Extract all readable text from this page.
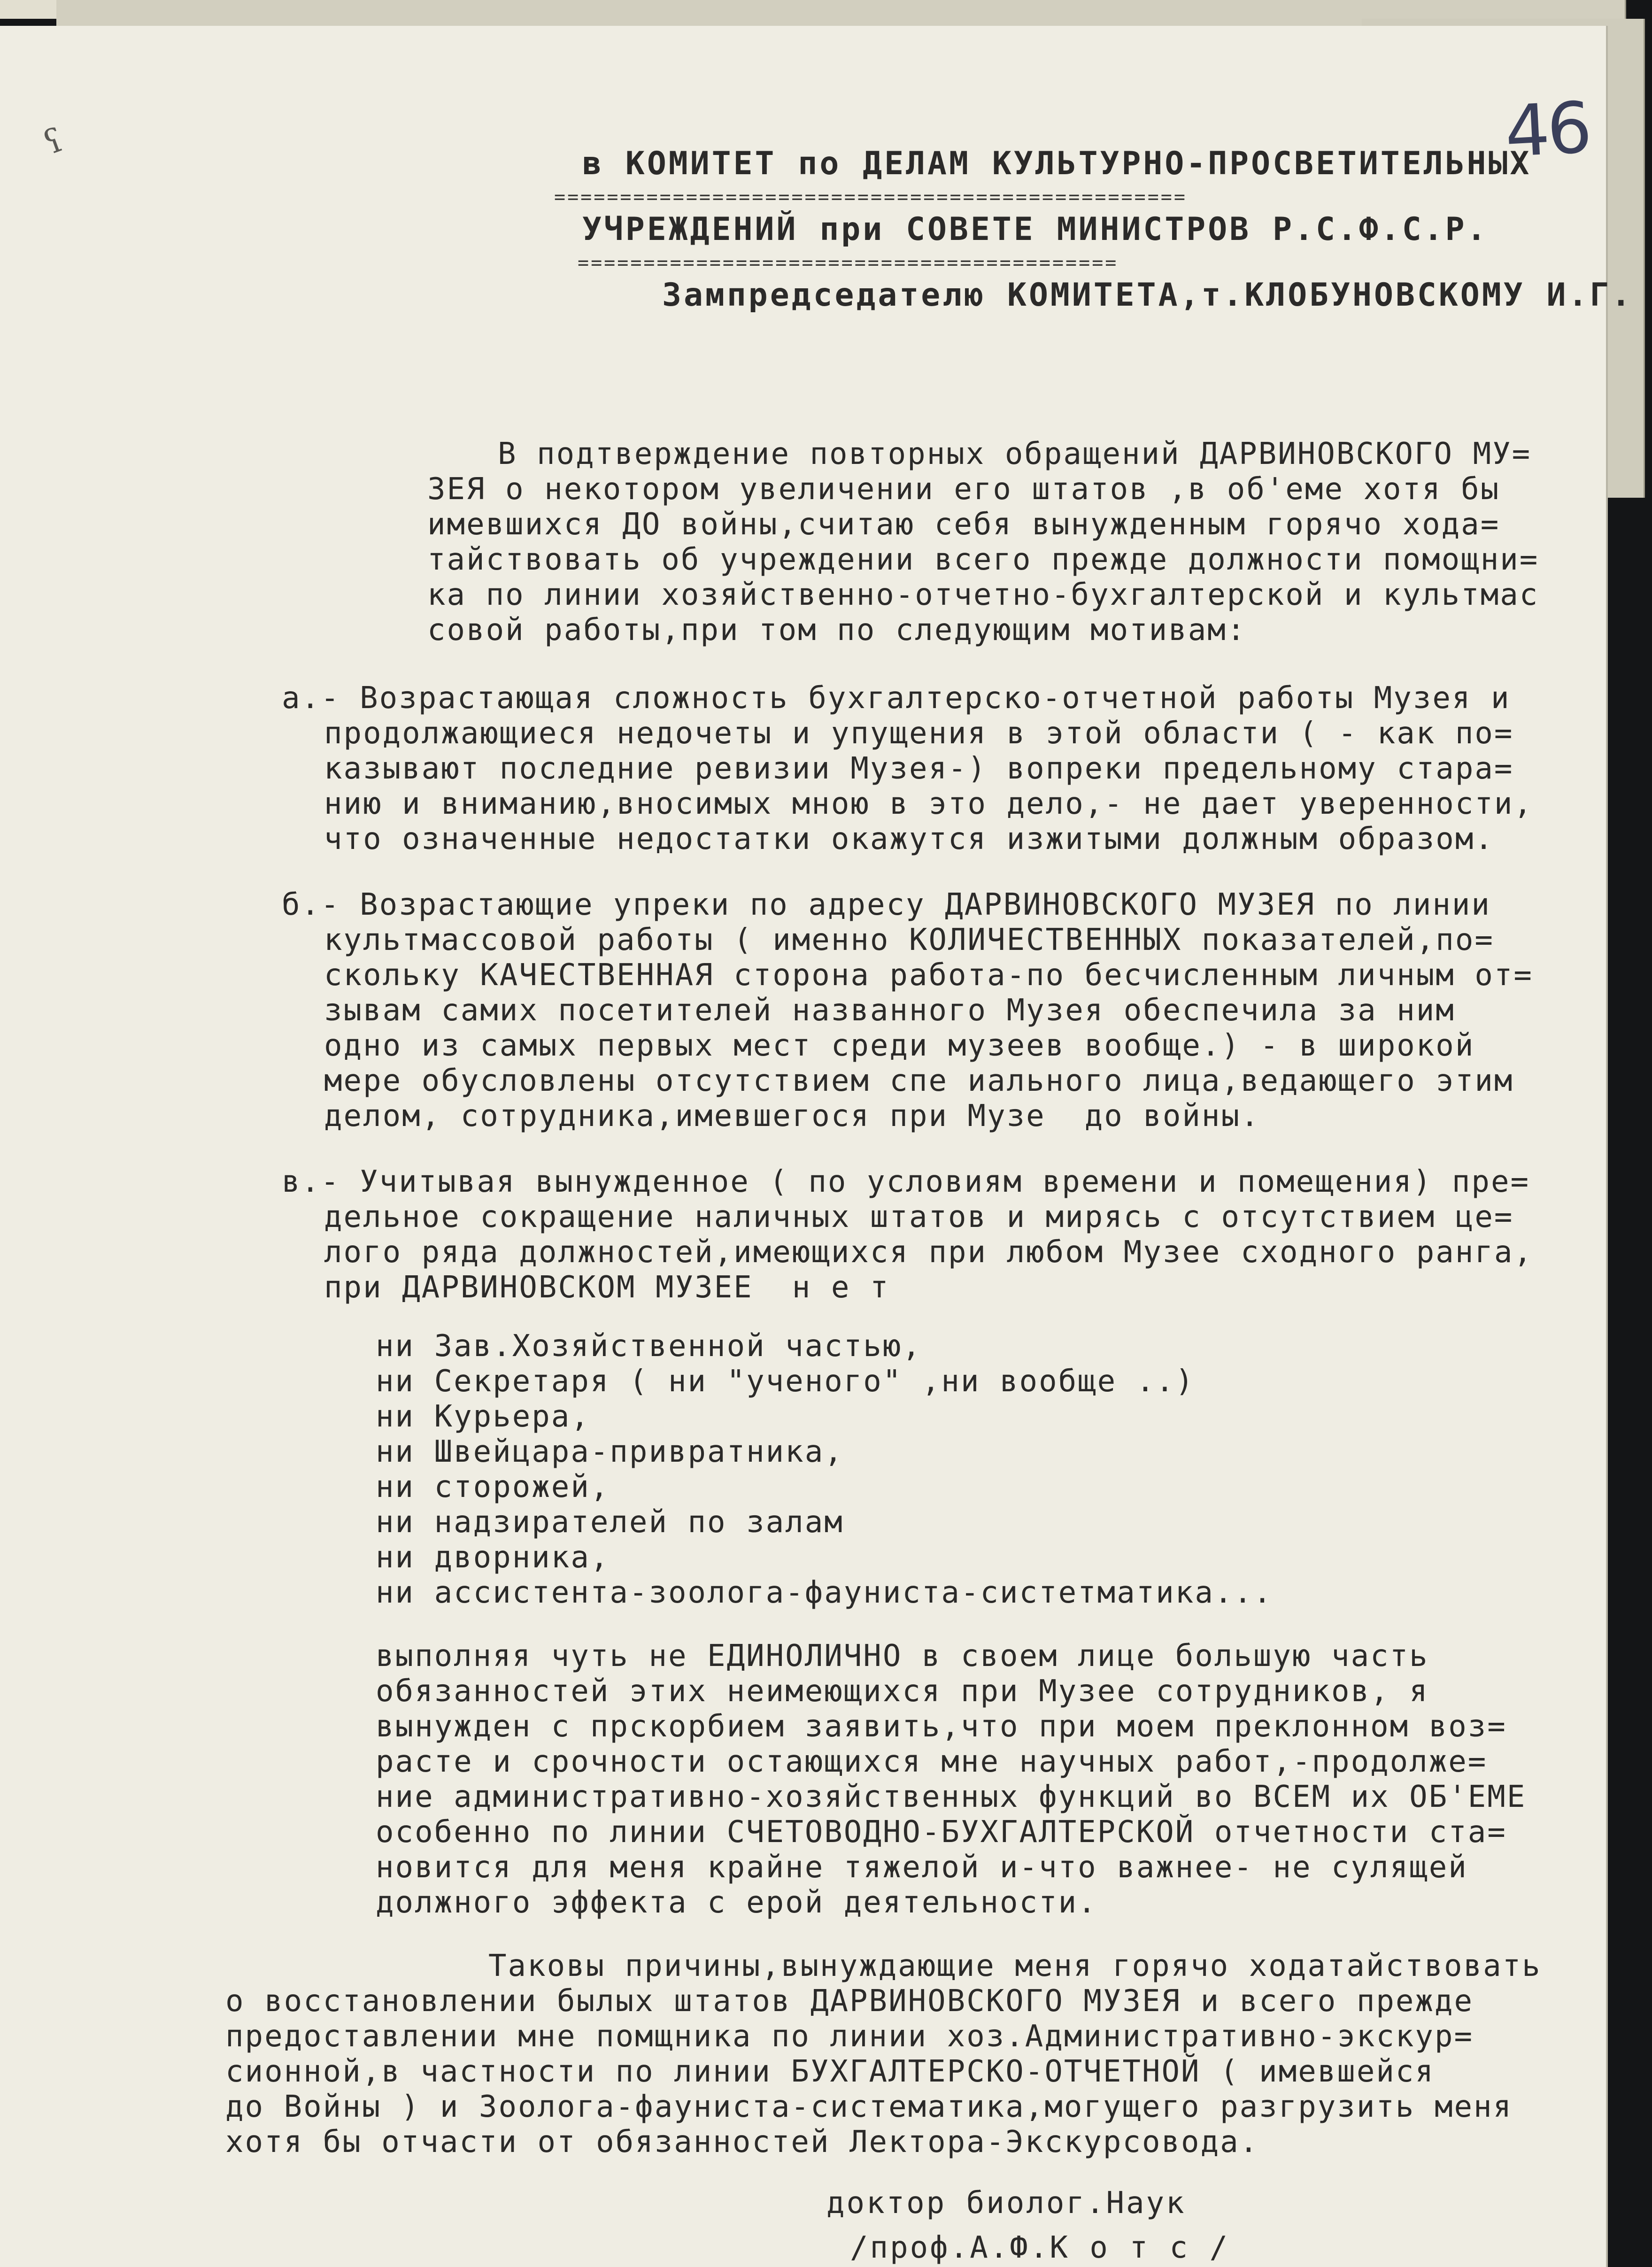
46
ʕ
в КОМИТЕТ по ДЕЛАМ КУЛЬТУРНО-ПРОСВЕТИТЕЛЬНЫХ
================================================
УЧРЕЖДЕНИЙ при СОВЕТЕ МИНИСТРОВ Р.С.Ф.С.Р.
=========================================
Зампредседателю КОМИТЕТА,т.КЛОБУНОВСКОМУ И.Г.
В подтверждение повторных обращений ДАРВИНОВСКОГО МУ=
ЗЕЯ о некотором увеличении его штатов ,в об'еме хотя бы
имевшихся ДО войны,считаю себя вынужденным горячо хода=
тайствовать об учреждении всего прежде должности помощни=
ка по линии хозяйственно-отчетно-бухгалтерской и культмас
совой работы,при том по следующим мотивам:
а.- Возрастающая сложность бухгалтерско-отчетной работы Музея и
продолжающиеся недочеты и упущения в этой области ( - как по=
казывают последние ревизии Музея-) вопреки предельному стара=
нию и вниманию,вносимых мною в это дело,- не дает уверенности,
что означенные недостатки окажутся изжитыми должным образом.
б.- Возрастающие упреки по адресу ДАРВИНОВСКОГО МУЗЕЯ по линии
культмассовой работы ( именно КОЛИЧЕСТВЕННЫХ показателей,по=
скольку КАЧЕСТВЕННАЯ сторона работа-по бесчисленным личным от=
зывам самих посетителей названного Музея обеспечила за ним
одно из самых первых мест среди музеев вообще.) - в широкой
мере обусловлены отсутствием спе иального лица,ведающего этим
делом, сотрудника,имевшегося при Музе  до войны.
в.- Учитывая вынужденное ( по условиям времени и помещения) пре=
дельное сокращение наличных штатов и мирясь с отсутствием це=
лого ряда должностей,имеющихся при любом Музее сходного ранга,
при ДАРВИНОВСКОМ МУЗЕЕ  н е т
ни Зав.Хозяйственной частью,
ни Секретаря ( ни "ученого" ,ни вообще ..)
ни Курьера,
ни Швейцара-привратника,
ни сторожей,
ни надзирателей по залам
ни дворника,
ни ассистента-зоолога-фауниста-систетматика...
выполняя чуть не ЕДИНОЛИЧНО в своем лице большую часть
обязанностей этих неимеющихся при Музее сотрудников, я
вынужден с прскорбием заявить,что при моем преклонном воз=
расте и срочности остающихся мне научных работ,-продолже=
ние административно-хозяйственных функций во ВСЕМ их ОБ'ЕМЕ
особенно по линии СЧЕТОВОДНО-БУХГАЛТЕРСКОЙ отчетности ста=
новится для меня крайне тяжелой и-что важнее- не сулящей
должного эффекта с ерой деятельности.
Таковы причины,вынуждающие меня горячо ходатайствовать
о восстановлении былых штатов ДАРВИНОВСКОГО МУЗЕЯ и всего прежде
предоставлении мне помщника по линии хоз.Административно-экскур=
сионной,в частности по линии БУХГАЛТЕРСКО-ОТЧЕТНОЙ ( имевшейся
до Войны ) и Зоолога-фауниста-систематика,могущего разгрузить меня
хотя бы отчасти от обязанностей Лектора-Экскурсовода.
доктор биолог.Наук
/проф.А.Ф.К о т с /
